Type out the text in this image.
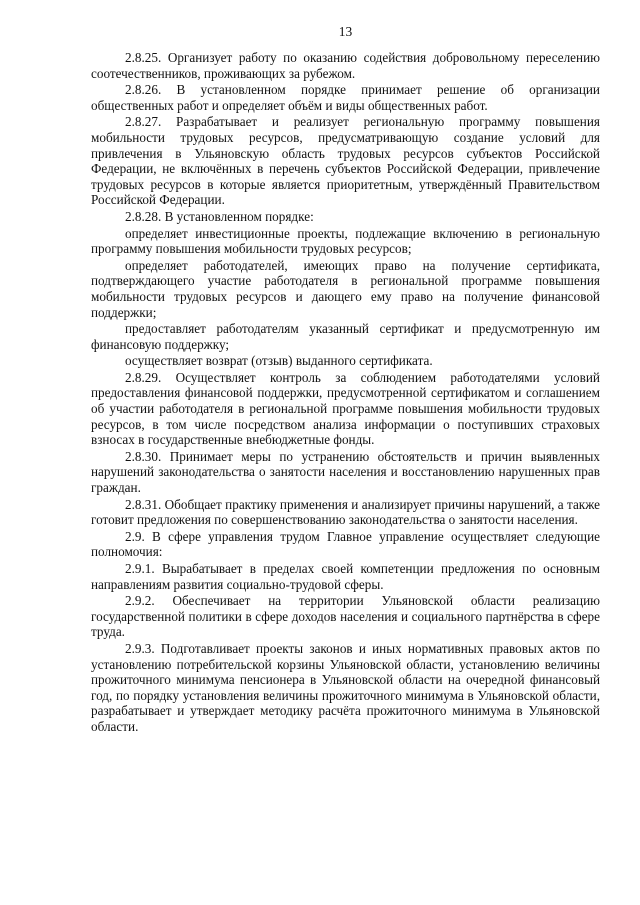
13

2.8.25. Организует работу по оказанию содействия добровольному переселению соотечественников, проживающих за рубежом.

2.8.26. В установленном порядке принимает решение об организации общественных работ и определяет объём и виды общественных работ.

2.8.27. Разрабатывает и реализует региональную программу повышения мобильности трудовых ресурсов, предусматривающую создание условий для привлечения в Ульяновскую область трудовых ресурсов субъектов Российской Федерации, не включённых в перечень субъектов Российской Федерации, привлечение трудовых ресурсов в которые является приоритетным, утверждённый Правительством Российской Федерации.

2.8.28. В установленном порядке:

определяет инвестиционные проекты, подлежащие включению в региональную программу повышения мобильности трудовых ресурсов;

определяет работодателей, имеющих право на получение сертификата, подтверждающего участие работодателя в региональной программе повышения мобильности трудовых ресурсов и дающего ему право на получение финансовой поддержки;

предоставляет работодателям указанный сертификат и предусмотренную им финансовую поддержку;

осуществляет возврат (отзыв) выданного сертификата.

2.8.29. Осуществляет контроль за соблюдением работодателями условий предоставления финансовой поддержки, предусмотренной сертификатом и соглашением об участии работодателя в региональной программе повышения мобильности трудовых ресурсов, в том числе посредством анализа информации о поступивших страховых взносах в государственные внебюджетные фонды.

2.8.30. Принимает меры по устранению обстоятельств и причин выявленных нарушений законодательства о занятости населения и восстановлению нарушенных прав граждан.

2.8.31. Обобщает практику применения и анализирует причины нарушений, а также готовит предложения по совершенствованию законодательства о занятости населения.

2.9. В сфере управления трудом Главное управление осуществляет следующие полномочия:

2.9.1. Вырабатывает в пределах своей компетенции предложения по основным направлениям развития социально-трудовой сферы.

2.9.2. Обеспечивает на территории Ульяновской области реализацию государственной политики в сфере доходов населения и социального партнёрства в сфере труда.

2.9.3. Подготавливает проекты законов и иных нормативных правовых актов по установлению потребительской корзины Ульяновской области, установлению величины прожиточного минимума пенсионера в Ульяновской области на очередной финансовый год, по порядку установления величины прожиточного минимума в Ульяновской области, разрабатывает и утверждает методику расчёта прожиточного минимума в Ульяновской области.
